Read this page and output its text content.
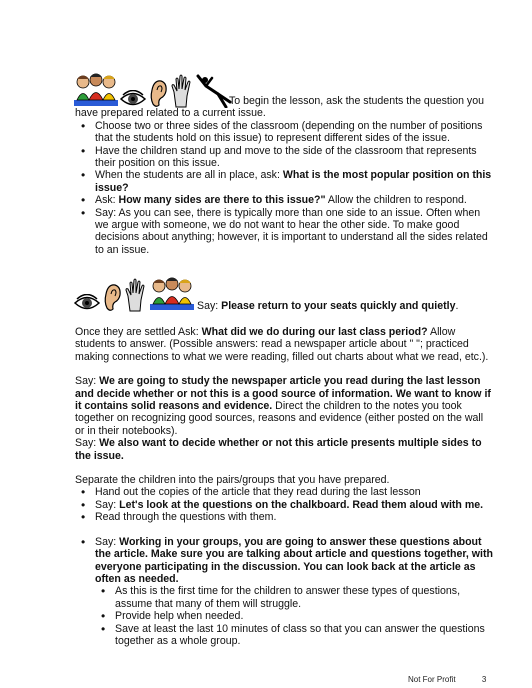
To begin the lesson, ask the students the question you have prepared related to a current issue.

• Choose two or three sides of the classroom (depending on the number of positions that the students hold on this issue) to represent different sides of the issue.
• Have the children stand up and move to the side of the classroom that represents their position on this issue.
• When the students are all in place, ask: What is the most popular position on this issue?
• Ask: How many sides are there to this issue?" Allow the children to respond.
• Say: As you can see, there is typically more than one side to an issue. Often when we argue with someone, we do not want to hear the other side. To make good decisions about anything; however, it is important to understand all the sides related to an issue.

Say: Please return to your seats quickly and quietly.

Once they are settled Ask: What did we do during our last class period? Allow students to answer. (Possible answers: read a newspaper article about " "; practiced making connections to what we were reading, filled out charts about what we read, etc.).

Say: We are going to study the newspaper article you read during the last lesson and decide whether or not this is a good source of information. We want to know if it contains solid reasons and evidence. Direct the children to the notes you took together on recognizing good sources, reasons and evidence (either posted on the wall or in their notebooks).

Say: We also want to decide whether or not this article presents multiple sides to the issue.

Separate the children into the pairs/groups that you have prepared.

• Hand out the copies of the article that they read during the last lesson
• Say: Let's look at the questions on the chalkboard. Read them aloud with me.
• Read through the questions with them.
• Say: Working in your groups, you are going to answer these questions about the article. Make sure you are talking about article and questions together, with everyone participating in the discussion. You can look back at the article as often as needed.
• As this is the first time for the children to answer these types of questions, assume that many of them will struggle.
• Provide help when needed.
• Save at least the last 10 minutes of class so that you can answer the questions together as a whole group.
Not For Profit	3
